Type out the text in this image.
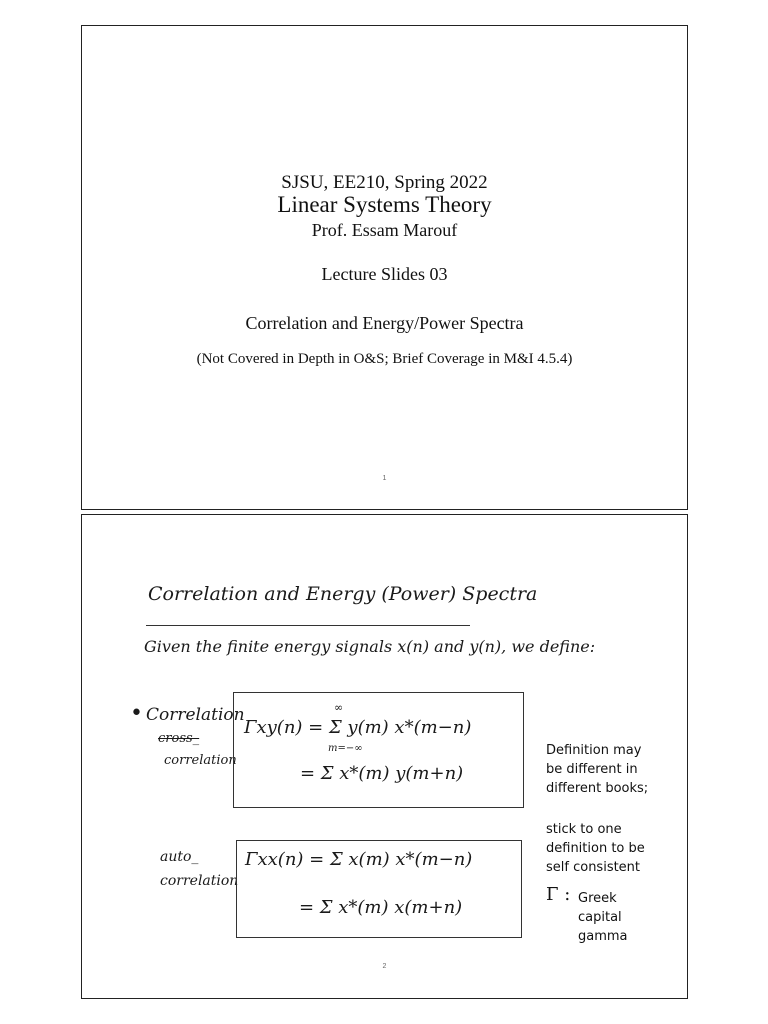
SJSU, EE210, Spring 2022
Linear Systems Theory
Prof. Essam Marouf
Lecture Slides 03
Correlation and Energy/Power Spectra
(Not Covered in Depth in O&S; Brief Coverage in M&I 4.5.4)
1
Correlation and Energy (Power) Spectra
Given the finite energy signals x(n) and y(n), we define:
• Correlation
cross_
correlation
Γxy(n) = Σ y(m) x*(m−n)
∞
m=−∞
= Σ x*(m) y(m+n)
Definition may
be different in
different books;
stick to one
definition to be
self consistent
auto_
correlation
Γxx(n) = Σ x(m) x*(m−n)
= Σ x*(m) x(m+n)
Γ : Greek
capital
gamma
2
